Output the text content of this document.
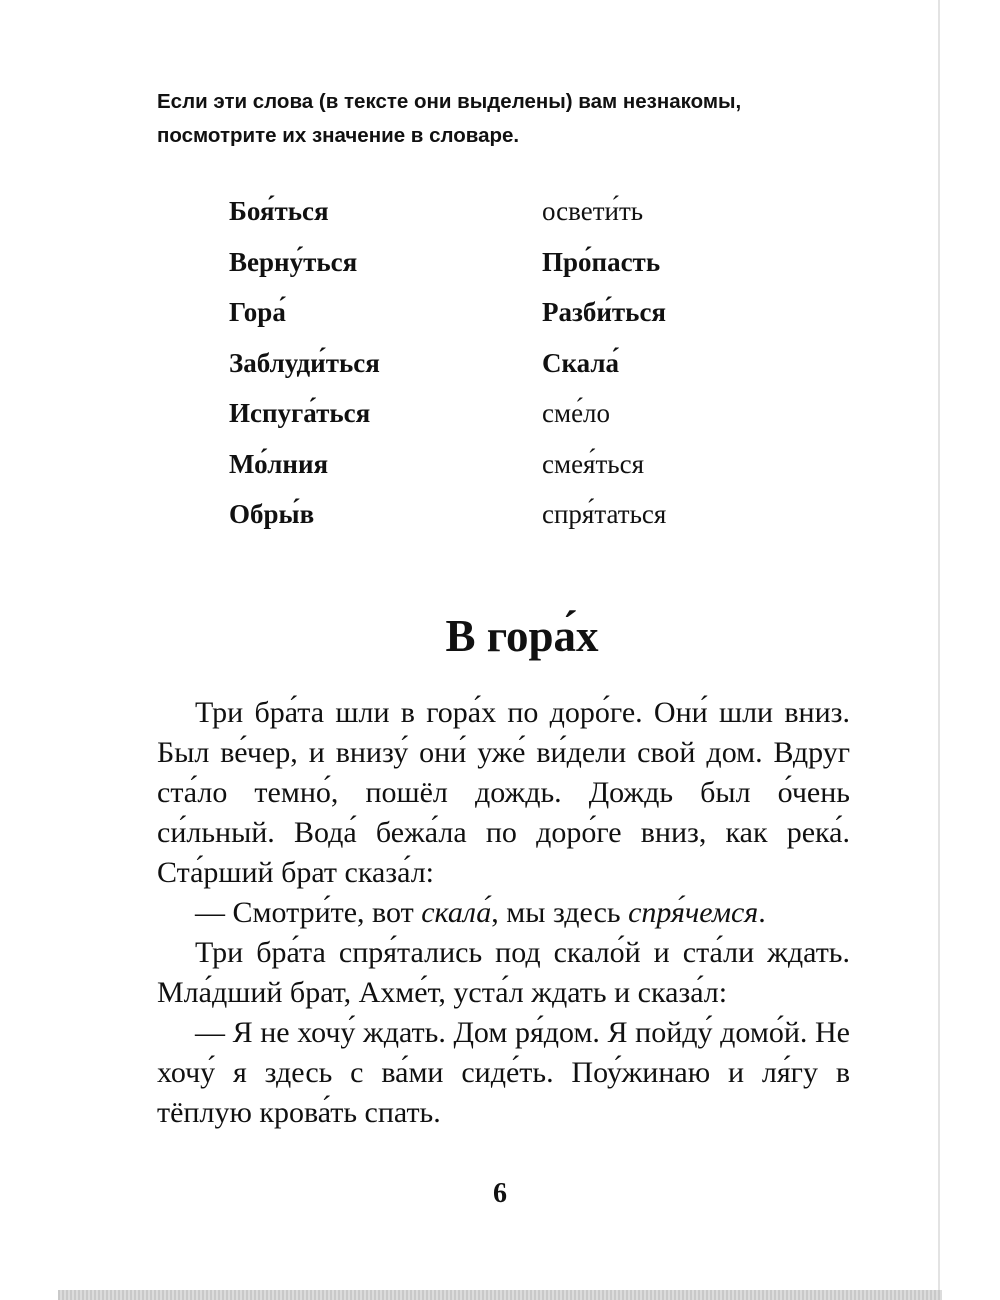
Если эти слова (в тексте они выделены) вам незнакомы,

посмотрите их значение в словаре.

Боя́ться	освети́ть
Верну́ться	Про́пасть
Гора́	Разби́ться
Заблуди́ться	Скала́
Испуга́ться	сме́ло
Мо́лния	смея́ться
Обры́в	спря́таться
В гора́х

Три бра́та шли в гора́х по доро́ге. Они́ шли вниз. Был ве́чер, и внизу́ они́ уже́ ви́дели свой дом. Вдруг ста́ло темно́, пошёл дождь. Дождь был о́чень си́льный. Вода́ бежа́ла по доро́ге вниз, как река́. Ста́рший брат сказа́л:

— Смотри́те, вот скала́, мы здесь спря́чемся.

Три бра́та спря́тались под скало́й и ста́ли ждать. Мла́дший брат, Ахме́т, уста́л ждать и сказа́л:

— Я не хочу́ ждать. Дом ря́дом. Я пойду́ домо́й. Не хочу́ я здесь с ва́ми сиде́ть. Поу́жинаю и ля́гу в тёплую крова́ть спать.

6
